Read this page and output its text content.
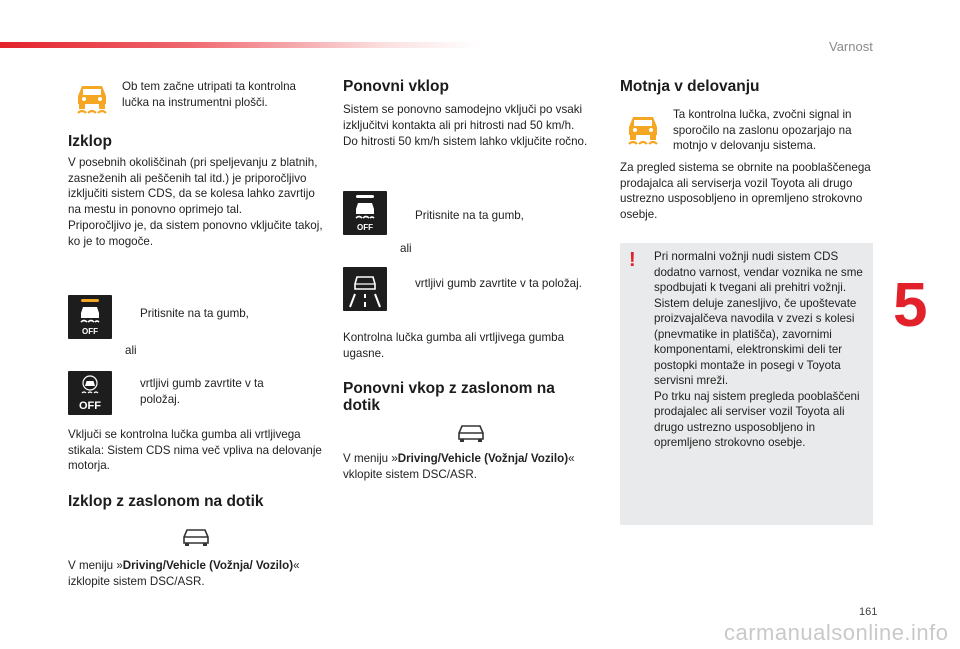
Varnost
5
161
carmanualsonline.info

Ob tem začne utripati ta kontrolna lučka na instrumentni plošči.

Izklop

V posebnih okoliščinah (pri speljevanju z blatnih, zasneženih ali peščenih tal itd.) je priporočljivo izključiti sistem CDS, da se kolesa lahko zavrtijo na mestu in ponovno oprimejo tal.

Priporočljivo je, da sistem ponovno vključite takoj, ko je to mogoče.

OFF
Pritisnite na ta gumb,

ali

OFF
vrtljivi gumb zavrtite v ta položaj.

Vključi se kontrolna lučka gumba ali vrtljivega stikala: Sistem CDS nima več vpliva na delovanje motorja.

Izklop z zaslonom na dotik

V meniju »Driving/Vehicle (Vožnja/ Vozilo)« izklopite sistem DSC/ASR.

Ponovni vklop

Sistem se ponovno samodejno vključi po vsaki izključitvi kontakta ali pri hitrosti nad 50 km/h.

Do hitrosti 50 km/h sistem lahko vključite ročno.

OFF
Pritisnite na ta gumb,

ali

vrtljivi gumb zavrtite v ta položaj.

Kontrolna lučka gumba ali vrtljivega gumba ugasne.

Ponovni vkop z zaslonom na dotik

V meniju »Driving/Vehicle (Vožnja/ Vozilo)« vklopite sistem DSC/ASR.

Motnja v delovanju

Ta kontrolna lučka, zvočni signal in sporočilo na zaslonu opozarjajo na motnjo v delovanju sistema.

Za pregled sistema se obrnite na pooblaščenega prodajalca ali serviserja vozil Toyota ali drugo ustrezno usposobljeno in opremljeno strokovno osebje.

! Pri normalni vožnji nudi sistem CDS dodatno varnost, vendar voznika ne sme spodbujati k tvegani ali prehitri vožnji.

Sistem deluje zanesljivo, če upoštevate proizvajalčeva navodila v zvezi s kolesi (pnevmatike in platišča), zavornimi komponentami, elektronskimi deli ter postopki montaže in posegi v Toyota servisni mreži.

Po trku naj sistem pregleda pooblaščeni prodajalec ali serviser vozil Toyota ali drugo ustrezno usposobljeno in opremljeno strokovno osebje.
